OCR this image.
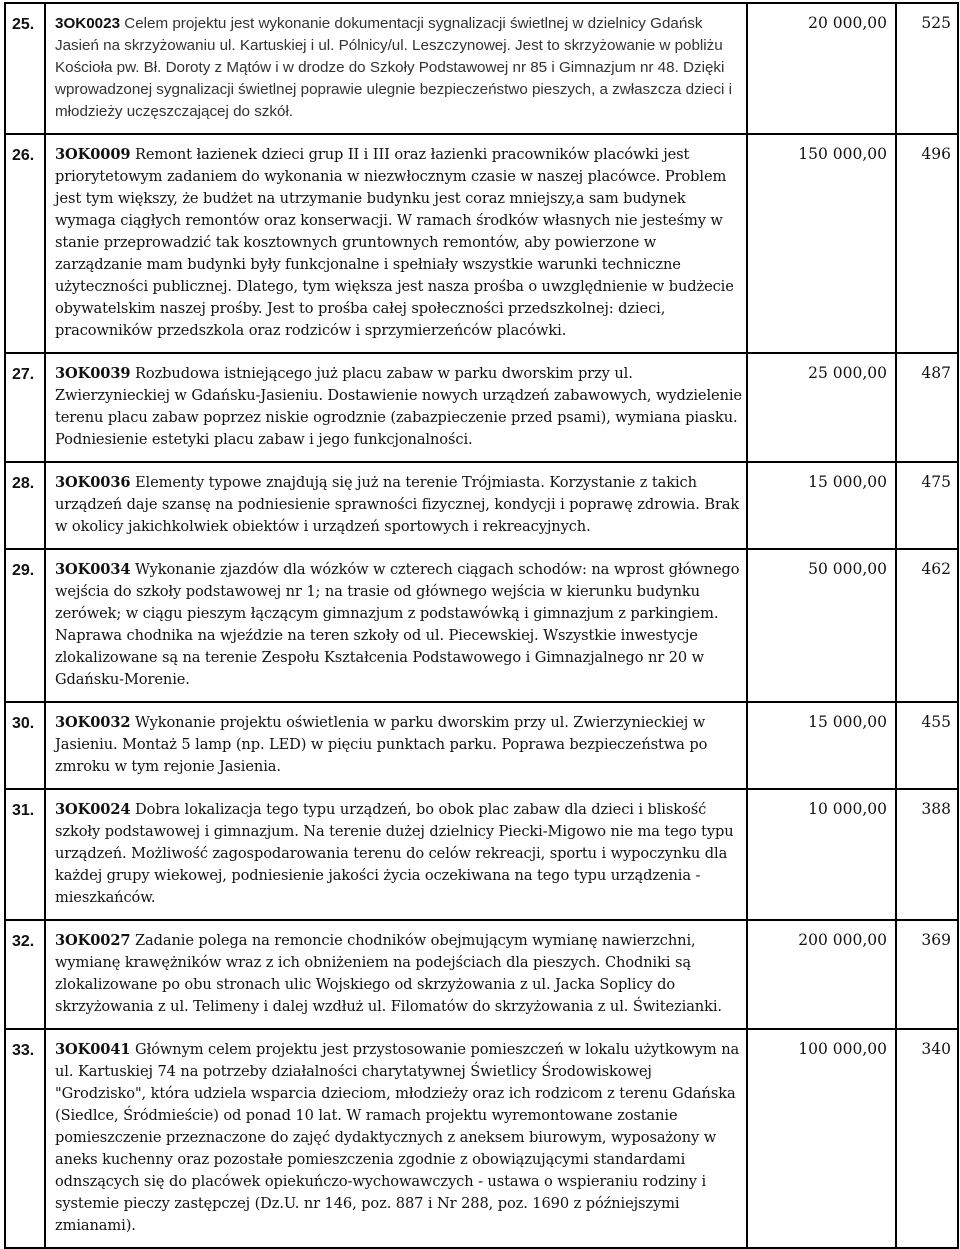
25.	3OK0023 Celem projektu jest wykonanie dokumentacji sygnalizacji świetlnej w dzielnicy Gdańsk Jasień na skrzyżowaniu ul. Kartuskiej i ul. Pólnicy/ul. Leszczynowej. Jest to skrzyżowanie w pobliżu Kościoła pw. Bł. Doroty z Mątów i w drodze do Szkoły Podstawowej nr 85 i Gimnazjum nr 48. Dzięki wprowadzonej sygnalizacji świetlnej poprawie ulegnie bezpieczeństwo pieszych, a zwłaszcza dzieci i młodzieży uczęszczającej do szkół.	20 000,00	525
26.	3OK0009 Remont łazienek dzieci grup II i III oraz łazienki pracowników placówki jest priorytetowym zadaniem do wykonania w niezwłocznym czasie w naszej placówce. Problem jest tym większy, że budżet na utrzymanie budynku jest coraz mniejszy,a sam budynek wymaga ciągłych remontów oraz konserwacji. W ramach środków własnych nie jesteśmy w stanie przeprowadzić tak kosztownych gruntownych remontów, aby powierzone w zarządzanie mam budynki były funkcjonalne i spełniały wszystkie warunki techniczne użyteczności publicznej. Dlatego, tym większa jest nasza prośba o uwzględnienie w budżecie obywatelskim naszej prośby. Jest to prośba całej społeczności przedszkolnej: dzieci, pracowników przedszkola oraz rodziców i sprzymierzeńców placówki.	150 000,00	496
27.	3OK0039 Rozbudowa istniejącego już placu zabaw w parku dworskim przy ul. Zwierzynieckiej w Gdańsku-Jasieniu. Dostawienie nowych urządzeń zabawowych, wydzielenie terenu placu zabaw poprzez niskie ogrodznie (zabazpieczenie przed psami), wymiana piasku. Podniesienie estetyki placu zabaw i jego funkcjonalności.	25 000,00	487
28.	3OK0036 Elementy typowe znajdują się już na terenie Trójmiasta. Korzystanie z takich urządzeń daje szansę na podniesienie sprawności fizycznej, kondycji i poprawę zdrowia. Brak w okolicy jakichkolwiek obiektów i urządzeń sportowych i rekreacyjnych.	15 000,00	475
29.	3OK0034 Wykonanie zjazdów dla wózków w czterech ciągach schodów: na wprost głównego wejścia do szkoły podstawowej nr 1; na trasie od głównego wejścia w kierunku budynku zerówek; w ciągu pieszym łączącym gimnazjum z podstawówką i gimnazjum z parkingiem. Naprawa chodnika na wjeździe na teren szkoły od ul. Piecewskiej. Wszystkie inwestycje zlokalizowane są na terenie Zespołu Kształcenia Podstawowego i Gimnazjalnego nr 20 w Gdańsku-Morenie.	50 000,00	462
30.	3OK0032 Wykonanie projektu oświetlenia w parku dworskim przy ul. Zwierzynieckiej w Jasieniu. Montaż 5 lamp (np. LED) w pięciu punktach parku. Poprawa bezpieczeństwa po zmroku w tym rejonie Jasienia.	15 000,00	455
31.	3OK0024 Dobra lokalizacja tego typu urządzeń, bo obok plac zabaw dla dzieci i bliskość szkoły podstawowej i gimnazjum. Na terenie dużej dzielnicy Piecki-Migowo nie ma tego typu urządzeń. Możliwość zagospodarowania terenu do celów rekreacji, sportu i wypoczynku dla każdej grupy wiekowej, podniesienie jakości życia oczekiwana na tego typu urządzenia - mieszkańców.	10 000,00	388
32.	3OK0027 Zadanie polega na remoncie chodników obejmującym wymianę nawierzchni, wymianę krawężników wraz z ich obniżeniem na podejściach dla pieszych. Chodniki są zlokalizowane po obu stronach ulic Wojskiego od skrzyżowania z ul. Jacka Soplicy do skrzyżowania z ul. Telimeny i dalej wzdłuż ul. Filomatów do skrzyżowania z ul. Świtezianki.	200 000,00	369
33.	3OK0041 Głównym celem projektu jest przystosowanie pomieszczeń w lokalu użytkowym na ul. Kartuskiej 74 na potrzeby działalności charytatywnej Świetlicy Środowiskowej "Grodzisko", która udziela wsparcia dzieciom, młodzieży oraz ich rodzicom z terenu Gdańska (Siedlce, Śródmieście) od ponad 10 lat. W ramach projektu wyremontowane zostanie pomieszczenie przeznaczone do zajęć dydaktycznych z aneksem biurowym, wyposażony w aneks kuchenny oraz pozostałe pomieszczenia zgodnie z obowiązującymi standardami odnszących się do placówek opiekuńczo-wychowawczych - ustawa o wspieraniu rodziny i systemie pieczy zastępczej (Dz.U. nr 146, poz. 887 i Nr 288, poz. 1690 z późniejszymi zmianami).	100 000,00	340
